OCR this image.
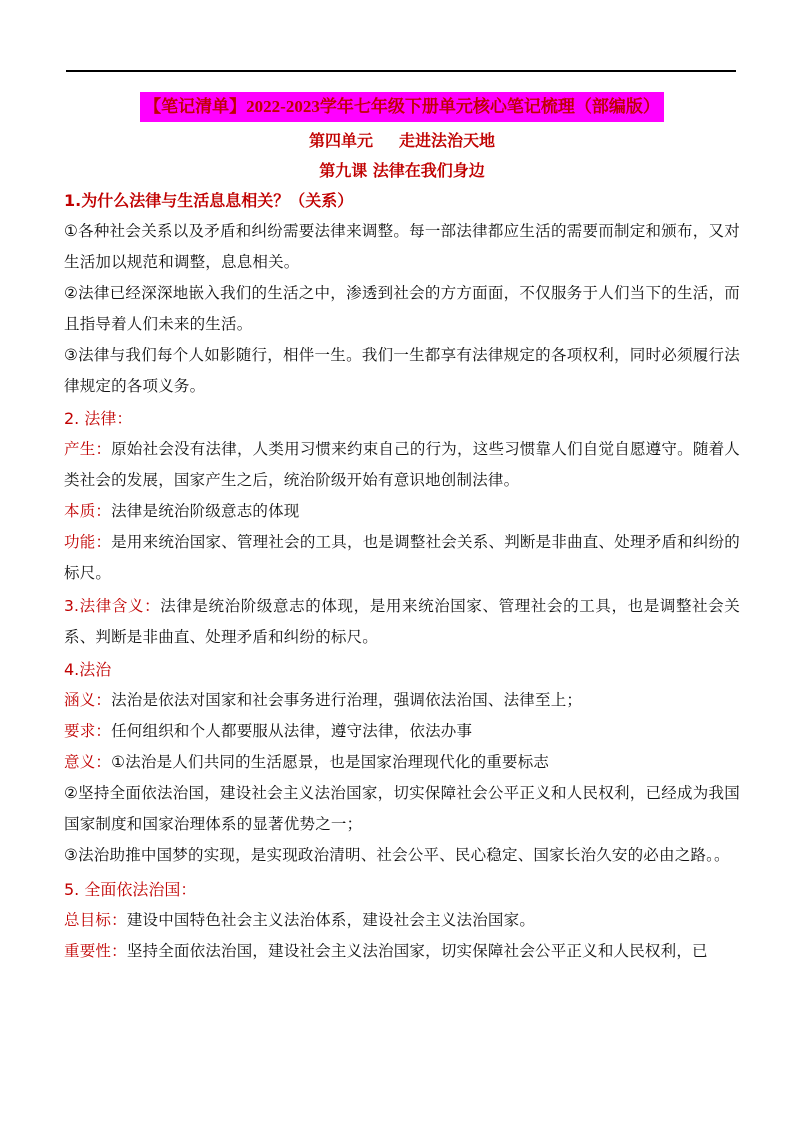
【笔记清单】2022-2023学年七年级下册单元核心笔记梳理（部编版）
第四单元 走进法治天地
第九课 法律在我们身边
1.为什么法律与生活息息相关？（关系）
①各种社会关系以及矛盾和纠纷需要法律来调整。每一部法律都应生活的需要而制定和颁布，又对生活加以规范和调整，息息相关。
②法律已经深深地嵌入我们的生活之中，渗透到社会的方方面面，不仅服务于人们当下的生活，而且指导着人们未来的生活。
③法律与我们每个人如影随行，相伴一生。我们一生都享有法律规定的各项权利，同时必须履行法律规定的各项义务。
2. 法律：
产生：原始社会没有法律，人类用习惯来约束自己的行为，这些习惯靠人们自觉自愿遵守。随着人类社会的发展，国家产生之后，统治阶级开始有意识地创制法律。
本质：法律是统治阶级意志的体现
功能：是用来统治国家、管理社会的工具，也是调整社会关系、判断是非曲直、处理矛盾和纠纷的标尺。
3.法律含义：法律是统治阶级意志的体现，是用来统治国家、管理社会的工具，也是调整社会关系、判断是非曲直、处理矛盾和纠纷的标尺。
4.法治
涵义：法治是依法对国家和社会事务进行治理，强调依法治国、法律至上；
要求：任何组织和个人都要服从法律，遵守法律，依法办事
意义：①法治是人们共同的生活愿景，也是国家治理现代化的重要标志
②坚持全面依法治国，建设社会主义法治国家，切实保障社会公平正义和人民权利，已经成为我国国家制度和国家治理体系的显著优势之一；
③法治助推中国梦的实现，是实现政治清明、社会公平、民心稳定、国家长治久安的必由之路。。
5. 全面依法治国：
总目标：建设中国特色社会主义法治体系，建设社会主义法治国家。
重要性：坚持全面依法治国，建设社会主义法治国家，切实保障社会公平正义和人民权利，已
